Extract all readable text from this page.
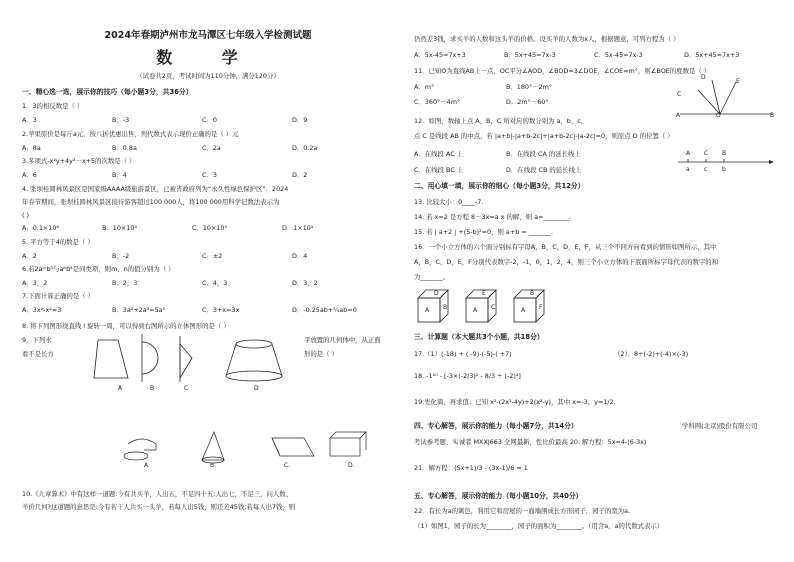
2024年春期泸州市龙马潭区七年级入学检测试题
数 学
（试卷共2页，考试时间为110分钟，满分120分）
一、精心选一选，展示你的技巧（每小题3分，共36分）
1．3的相反数是（ ）
A．3	B．-3	C．0	D．9
2.苹果原价是每斤a元，按八折优惠出售，列代数式表示现价正确的是（ ）元
A．8a	B．0.8a	C．2a	D．0.2a
3.多项式-x²y+4y²－x+5的次数是（ ）
A．6	B．4	C．3	D．2
4. 张坝桂圆林风景区是国家级AAAA级旅游景区，已被省政府列为“永久性绿色保护区”．2024
年春节期间，张坝桂圆林风景区接待游客超过100 000人，将100 000用科学记数法表示为
( )
A．0.1×10⁶	B．10×10⁴	C．10×10⁵	D．1×10⁵
5. 平方等于4的数是（ ）
A．2	B．-2	C．±2	D．4
6.若2aᵐb³与aᵇb⁴是同类项，则m、n的值分别为（ ）
A．3，2	B．2，3	C．4，3	D．3，2
7.下面计算正确的是（ ）
A．3x²-x²=3	B．3a²+2a³=5a⁵	C．3+x=3x	D．-0.25ab+¼ab=0
8. 将下列图形绕直线 l 旋转一周，可以得到右图所示的立体图形的是（ ）
9．下列水
看不是长方
平放置的几何体中，从正面
形的是（ ）
A	B	C	D
A.	B.	C.	D.
10.《九章算术》中有这样一道题:今有共买羊，人出五，不足四十五;人出七，不足三，问人数、
羊价几何?这道题的意思是:今有若干人共买一头羊，若每人出5钱，则还差45钱;若每人出7钱，则
仍然差3钱，求买羊的人数和这头羊的价格。设买羊的人数为x人，根据题意，可列方程为（ ）
A．5x-45=7x+3	B．5x+45=7x-3	C．5x-45=7x-3	D．5x+45=7x+3
11．已知O为直线AB上一点，OC平分∠AOD，∠BOD=3∠DOE，∠COE=m°，则∠BOE的度数是（ ）
A．m°	B．180°－2m°
C．360°－4m°	D．2m°－60°
C
D
E
A	O	B
12．如图，数轴上点 A，B，C 所对应的数分别为 a，b，c，
点 C 是线段 AB 的中点，若 |a+b|-|a+b-2c|+|a+b-2c|-|a-2c|=0，则原点 O 的位置（ ）
A．在线段 AC 上	B．在线段 CA 的延长线上
C．在线段 BC 上	D．在线段 CB 的延长线上
A C B
a c b
二、用心填一填，展示你的细心（每小题3分，共12分）
13. 比较大小：0____-7.
14. 若 x=2 是方程 8－3x=a x 的解，则 a=________.
15. 若 | a+2 | +(5-b)²=0，则 a+b = _______.
16．一个小立方体的六个面分别标有字母A，B，C，D，E，F，从三个不同方向看到的情形如图所示，其中
A，B，C，D，E，F分别代表数字-2，-1，0，1，2，4，则三个小立方体的下底面所标字母代表的数字的和
为_______。
D
A B
E
A C
B
A F
三、计算题（本大题共3个小题，共18分）
17.（1）(-18) + ( -9)-(-5)-( +7)	（2）．8÷(-2)+(-4)×(-3)
18. -1¹⁰ - [-3×(-2/3)² - 8/3 ÷ (-2)²]
19.先化简，再求值：已知 x²-(2x²-4y)+2(x²-y)，其中 x=-3，y=1/2.
四、专心解答，展示你的能力（每小题7分，共14分）	学科网(北京)股份有限公司
考试参考题，实诚者 MXXJ663 全网最新，性比价最高 20. 解方程：5x=4-(6-3x)
21．解方程：(5x+1)/3 - (3x-1)/6 = 1
五、专心解答，展示你的能力（每小题10分，共40分）
22．有长为a的篱笆，利用它和房屋的一面墙围成长方形园子，园子的宽为a.
（1）如图1，园子的长为________，园子的面积为________。（用含a，a的代数式表示）
